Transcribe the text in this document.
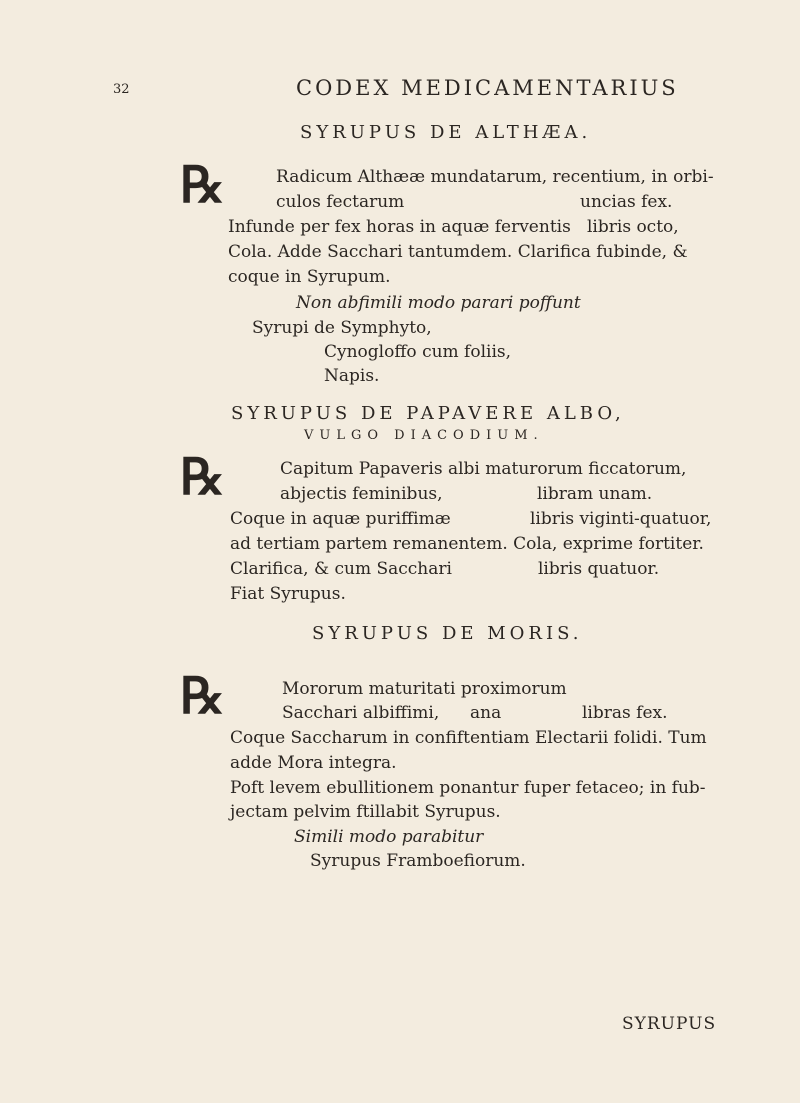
32	CODEX MEDICAMENTARIUS
SYRUPUS DE ALTHÆA.
℞	Radicum Althææ mundatarum, recentium, in orbi-
culos fectarum	uncias fex.
Infunde per fex horas in aquæ ferventis libris octo,
Cola. Adde Sacchari tantumdem. Clarifica fubinde, &
coque in Syrupum.
Non abfimili modo parari poffunt
Syrupi de Symphyto,
Cynogloffo cum foliis,
Napis.
SYRUPUS DE PAPAVERE ALBO,
VULGO DIACODIUM.
℞	Capitum Papaveris albi maturorum ficcatorum,
abjectis feminibus,	libram unam.
Coque in aquæ puriffimæ	libris viginti-quatuor,
ad tertiam partem remanentem. Cola, exprime fortiter.
Clarifica, & cum Sacchari	libris quatuor.
Fiat Syrupus.
SYRUPUS DE MORIS.
℞	Mororum maturitati proximorum
Sacchari albiffimi, ana	libras fex.
Coque Saccharum in confiftentiam Electarii folidi. Tum
adde Mora integra.
Poft levem ebullitionem ponantur fuper fetaceo; in fub-
jectam pelvim ftillabit Syrupus.
Simili modo parabitur
Syrupus Framboefiorum.
SYRUPUS
